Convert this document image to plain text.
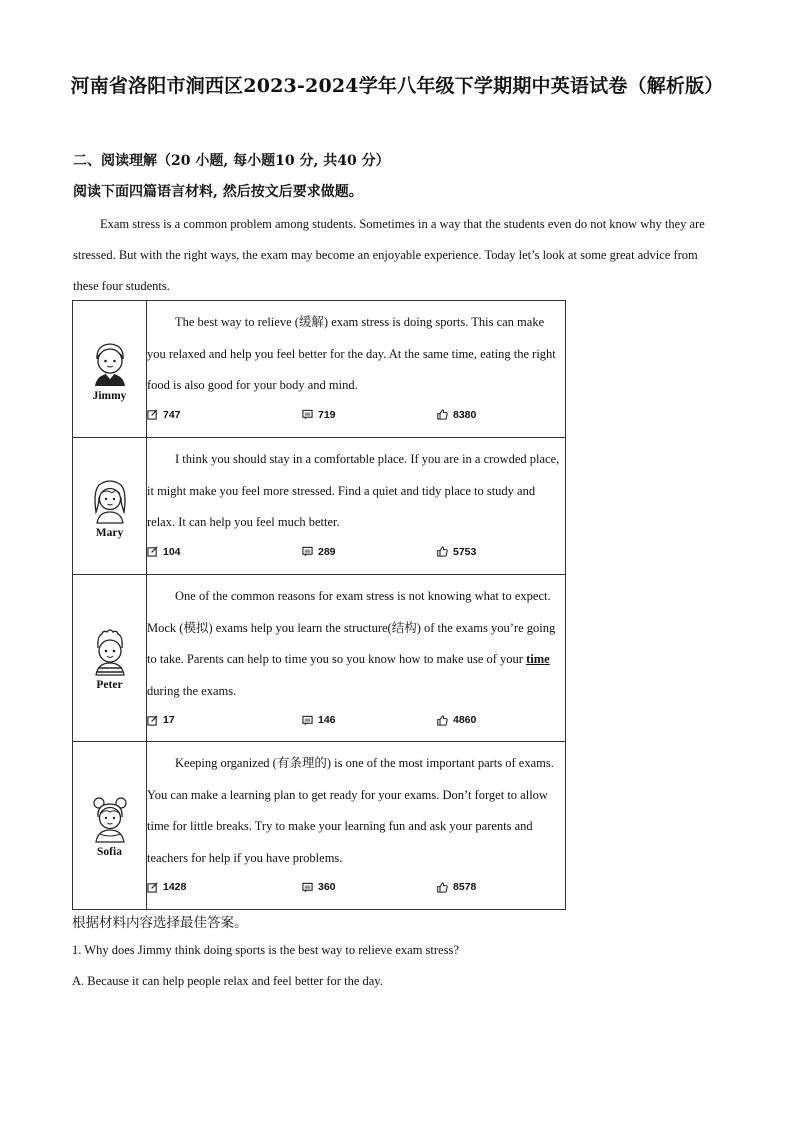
河南省洛阳市涧西区2023-2024学年八年级下学期期中英语试卷（解析版）
二、阅读理解（20 小题, 每小题10 分, 共40 分）
阅读下面四篇语言材料, 然后按文后要求做题。
Exam stress is a common problem among students. Sometimes in a way that the students even do not know why they are stressed. But with the right ways, the exam may become an enjoyable experience. Today let’s look at some great advice from these four students.
Jimmy	The best way to relieve (缓解) exam stress is doing sports. This can make you relaxed and help you feel better for the day. At the same time, eating the right food is also good for your body and mind.
747 719 8380

Mary	I think you should stay in a comfortable place. If you are in a crowded place, it might make you feel more stressed. Find a quiet and tidy place to study and relax. It can help you feel much better.
104 289 5753

Peter	One of the common reasons for exam stress is not knowing what to expect. Mock (模拟) exams help you learn the structure(结构) of the exams you’re going to take. Parents can help to time you so you know how to make use of your time during the exams.
17 146 4860

Sofia	Keeping organized (有条理的) is one of the most important parts of exams. You can make a learning plan to get ready for your exams. Don’t forget to allow time for little breaks. Try to make your learning fun and ask your parents and teachers for help if you have problems.
1428 360 8578
根据材料内容选择最佳答案。
1. Why does Jimmy think doing sports is the best way to relieve exam stress?
A. Because it can help people relax and feel better for the day.
